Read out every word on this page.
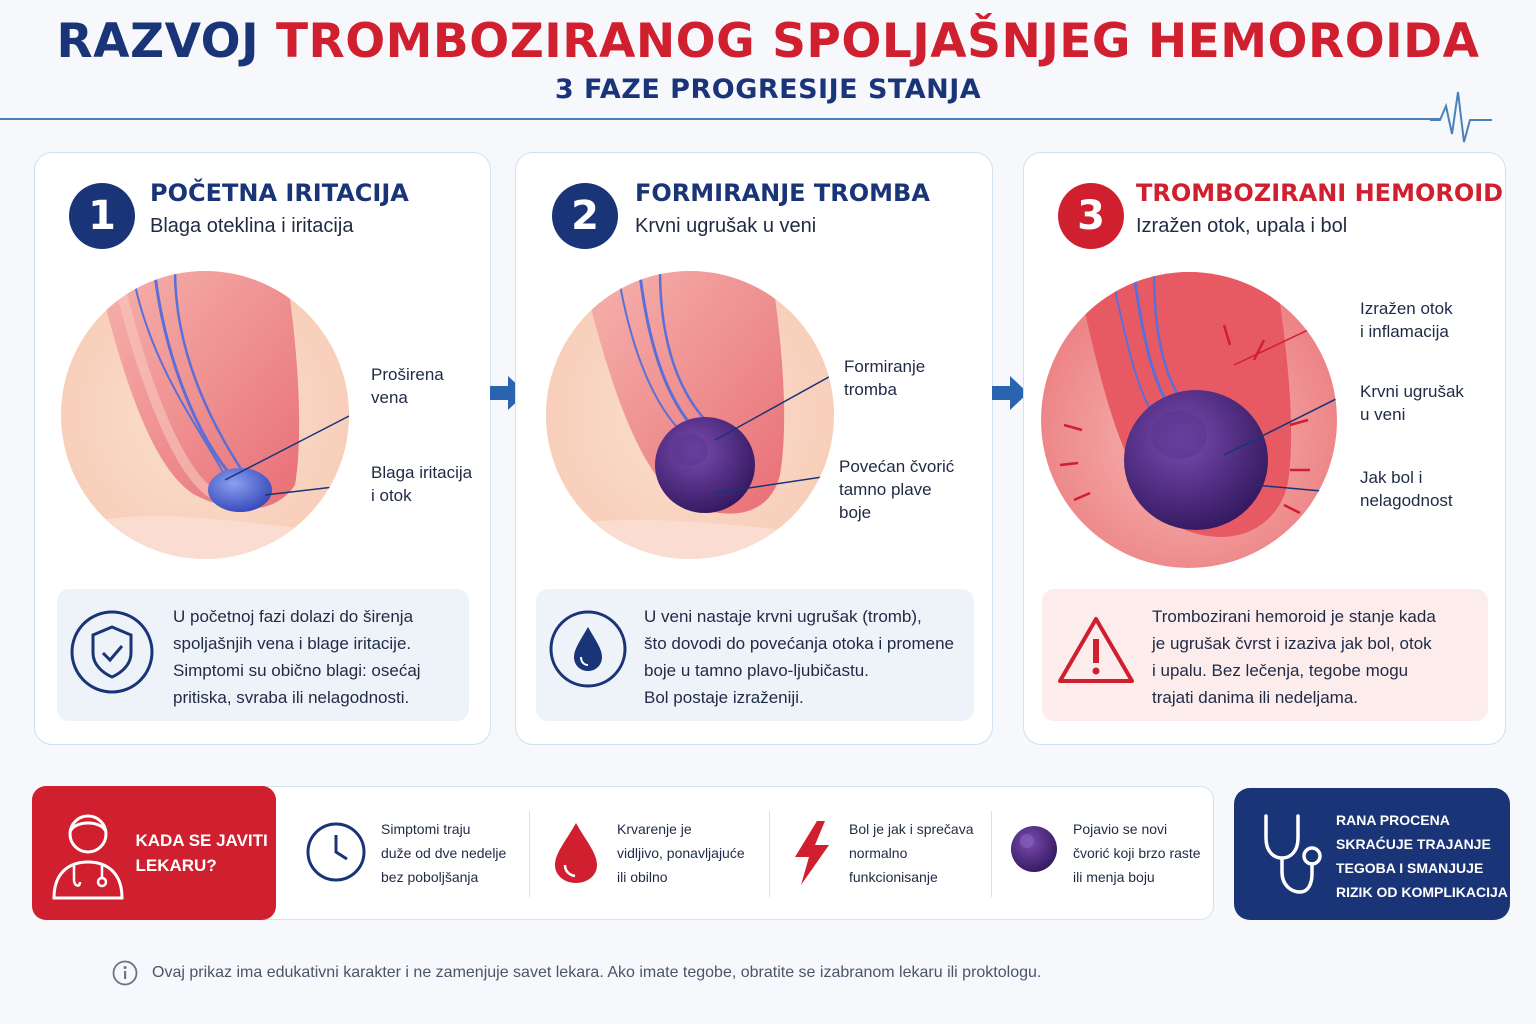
RAZVOJ TROMBOZIRANOG SPOLJAŠNJEG HEMOROIDA
3 FAZE PROGRESIJE STANJA
1	POČETNA IRITACIJA
Blaga oteklina i iritacija
Proširena
vena
Blaga iritacija
i otok
U početnoj fazi dolazi do širenja
spoljašnjih vena i blage iritacije.
Simptomi su obično blagi: osećaj
pritiska, svraba ili nelagodnosti.
2	FORMIRANJE TROMBA
Krvni ugrušak u veni
Formiranje
tromba
Povećan čvorić
tamno plave
boje
U veni nastaje krvni ugrušak (tromb),
što dovodi do povećanja otoka i promene
boje u tamno plavo-ljubičastu.
Bol postaje izraženiji.
3	TROMBOZIRANI HEMOROID
Izražen otok, upala i bol
Izražen otok
i inflamacija
Krvni ugrušak
u veni
Jak bol i
nelagodnost
Trombozirani hemoroid je stanje kada
je ugrušak čvrst i izaziva jak bol, otok
i upalu. Bez lečenja, tegobe mogu
trajati danima ili nedeljama.
KADA SE JAVITI
LEKARU?
Simptomi traju
duže od dve nedelje
bez poboljšanja
Krvarenje je
vidljivo, ponavljajuće
ili obilno
Bol je jak i sprečava
normalno
funkcionisanje
Pojavio se novi
čvorić koji brzo raste
ili menja boju
RANA PROCENA
SKRAĆUJE TRAJANJE
TEGOBA I SMANJUJE
RIZIK OD KOMPLIKACIJA
Ovaj prikaz ima edukativni karakter i ne zamenjuje savet lekara. Ako imate tegobe, obratite se izabranom lekaru ili proktologu.
